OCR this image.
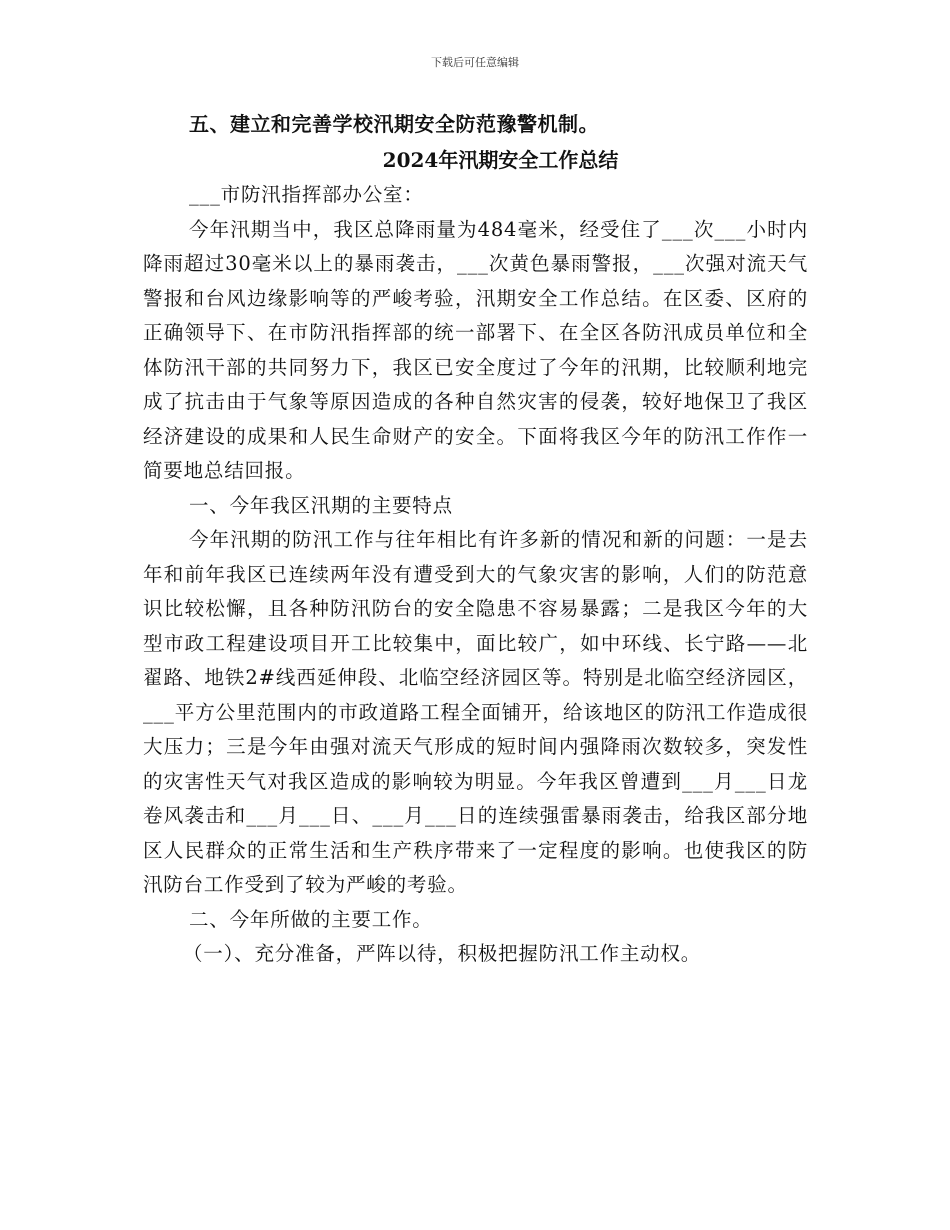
下载后可任意编辑
五、建立和完善学校汛期安全防范豫警机制。
2024年汛期安全工作总结

___市防汛指挥部办公室：

今年汛期当中，我区总降雨量为484毫米，经受住了___次___小时内降雨超过30毫米以上的暴雨袭击，___次黄色暴雨警报，___次强对流天气警报和台风边缘影响等的严峻考验，汛期安全工作总结。在区委、区府的正确领导下、在市防汛指挥部的统一部署下、在全区各防汛成员单位和全体防汛干部的共同努力下，我区已安全度过了今年的汛期，比较顺利地完成了抗击由于气象等原因造成的各种自然灾害的侵袭，较好地保卫了我区经济建设的成果和人民生命财产的安全。下面将我区今年的防汛工作作一简要地总结回报。

一、今年我区汛期的主要特点

今年汛期的防汛工作与往年相比有许多新的情况和新的问题：一是去年和前年我区已连续两年没有遭受到大的气象灾害的影响，人们的防范意识比较松懈，且各种防汛防台的安全隐患不容易暴露；二是我区今年的大型市政工程建设项目开工比较集中，面比较广，如中环线、长宁路——北翟路、地铁2#线西延伸段、北临空经济园区等。特别是北临空经济园区，___平方公里范围内的市政道路工程全面铺开，给该地区的防汛工作造成很大压力；三是今年由强对流天气形成的短时间内强降雨次数较多，突发性的灾害性天气对我区造成的影响较为明显。今年我区曾遭到___月___日龙卷风袭击和___月___日、___月___日的连续强雷暴雨袭击，给我区部分地区人民群众的正常生活和生产秩序带来了一定程度的影响。也使我区的防汛防台工作受到了较为严峻的考验。

二、今年所做的主要工作。

（一）、充分准备，严阵以待，积极把握防汛工作主动权。
